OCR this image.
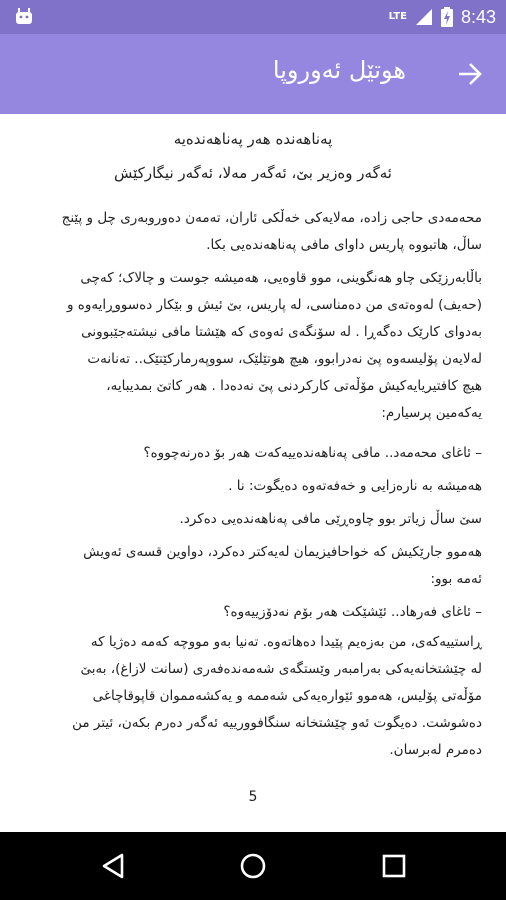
LTE	8:43
هوتێل ئەوروپا
پەناهەندە هەر پەناهەندەیە
ئەگەر وەزیر بێ، ئەگەر مەلا، ئەگەر نیگارکێش
محەمەدی حاجی زادە، مەلایەکی خەڵکی ئاران، تەمەن دەوروبەری چل و پێنج
ساڵ، هاتبووە پاریس داوای مافی پەناهەندەیی بکا.
باڵابەرزێکی چاو هەنگوینی، موو قاوەیی، هەمیشە جوست و چالاک؛ کەچی
(حەیف) لەوەتەی من دەمناسی، لە پاریس، بێ ئیش و بێکار دەسووڕایەوە و
بەدوای کارێک دەگەڕا . لە سۆنگەی ئەوەی کە هێشتا مافی نیشتەجێبوونی
لەلایەن پۆلیسەوە پێ نەدرابوو، هیچ هوتێلێک، سووپەرمارکێتێک.. تەنانەت
هیچ کافتیریایەکیش مۆڵەتی کارکردنی پێ نەدەدا . هەر کاتێ بمدیبایە،
یەکەمین پرسیارم:
– ئاغای محەمەد.. مافی پەناهەندەییەکەت هەر بۆ دەرنەچووە؟
هەمیشە بە نارەزایی و خەفەتەوە دەیگوت: نا .
سێ ساڵ زیاتر بوو چاوەڕێی مافی پەناهەندەیی دەکرد.
هەموو جارێکیش کە خواحافیزیمان لەیەکتر دەکرد، دواوین قسەی ئەویش
ئەمە بوو:
– ئاغای فەرهاد.. ئێشێکت هەر بۆم نەدۆزییەوە؟
ڕاستییەکەی، من بەزەیم پێیدا دەهاتەوە. تەنیا بەو مووچە کەمە دەژیا کە
لە چێشتخانەیەکی بەرامبەر وێستگەی شەمەندەفەری (سانت لازاغ)، بەبێ
مۆڵەتی پۆلیس، هەموو ئێوارەیەکی شەممە و یەکشەمموان قاپوقاچاغی
دەشوشت. دەیگوت ئەو چێشتخانە سنگافوورییە ئەگەر دەرم بکەن، ئیتر من
دەمرم لەبرسان.
5
